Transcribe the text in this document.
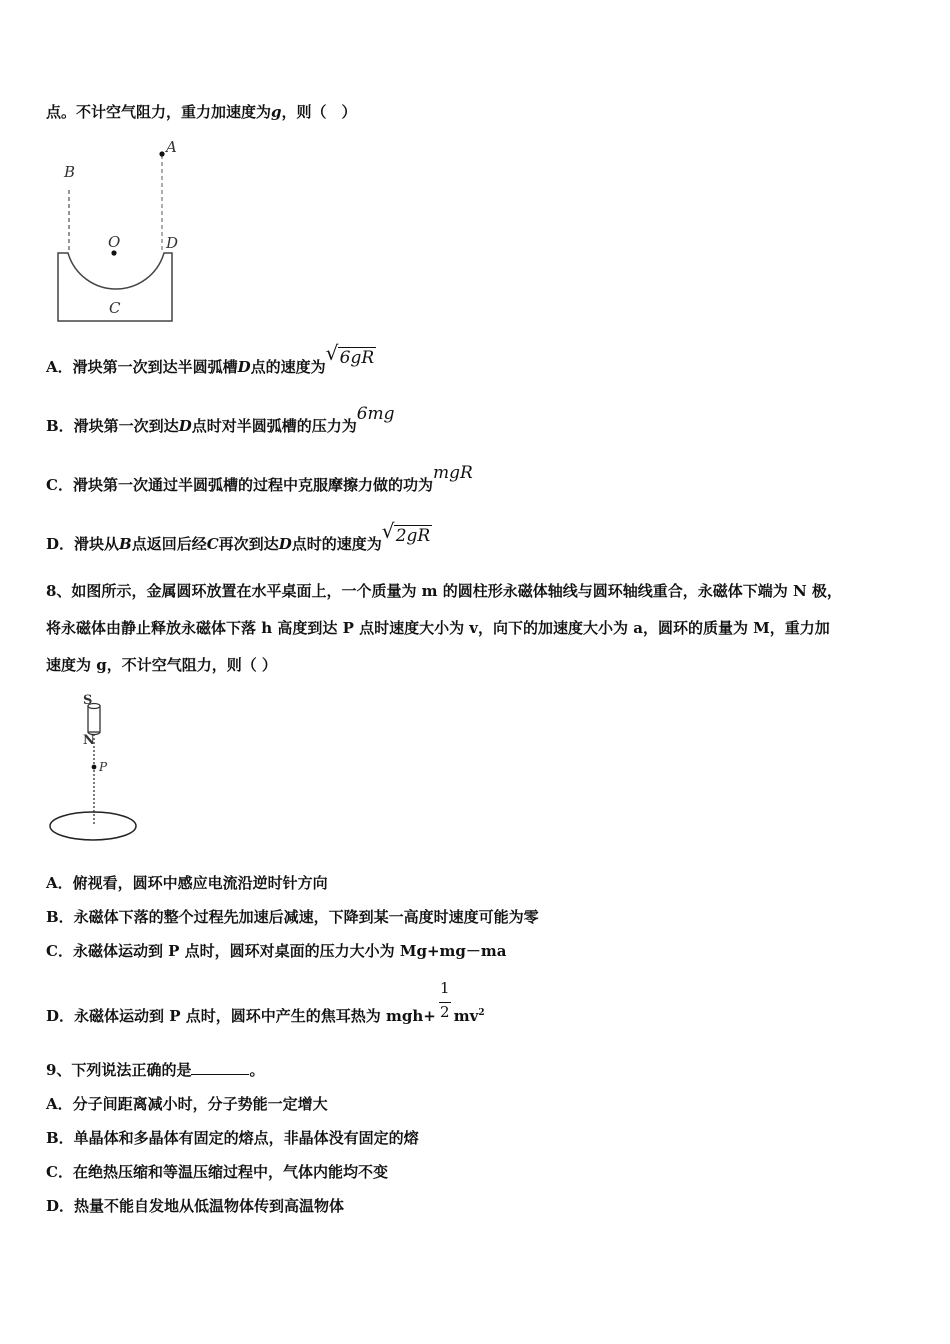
点。不计空气阻力，重力加速度为g，则（　）
A
B
O	D
C
A．滑块第一次到达半圆弧槽D点的速度为
√ 6gR
B．滑块第一次到达D点时对半圆弧槽的压力为6mg
C．滑块第一次通过半圆弧槽的过程中克服摩擦力做的功为mgR
D．滑块从B点返回后经C再次到达D点时的速度为
√ 2gR
8、如图所示，金属圆环放置在水平桌面上，一个质量为 m 的圆柱形永磁体轴线与圆环轴线重合，永磁体下端为 N 极，
将永磁体由静止释放永磁体下落 h 高度到达 P 点时速度大小为 v，向下的加速度大小为 a，圆环的质量为 M，重力加
速度为 g，不计空气阻力，则（ ）
S
N
P
A．俯视看，圆环中感应电流沿逆时针方向
B．永磁体下落的整个过程先加速后减速，下降到某一高度时速度可能为零
C．永磁体运动到 P 点时，圆环对桌面的压力大小为 Mg+mg－ma
D．永磁体运动到 P 点时，圆环中产生的焦耳热为 $mgh+ \frac{1}{2} mv^2$
9、下列说法正确的是	。
A．分子间距离减小时，分子势能一定增大
B．单晶体和多晶体有固定的熔点，非晶体没有固定的熔
C．在绝热压缩和等温压缩过程中，气体内能均不变
D．热量不能自发地从低温物体传到高温物体
